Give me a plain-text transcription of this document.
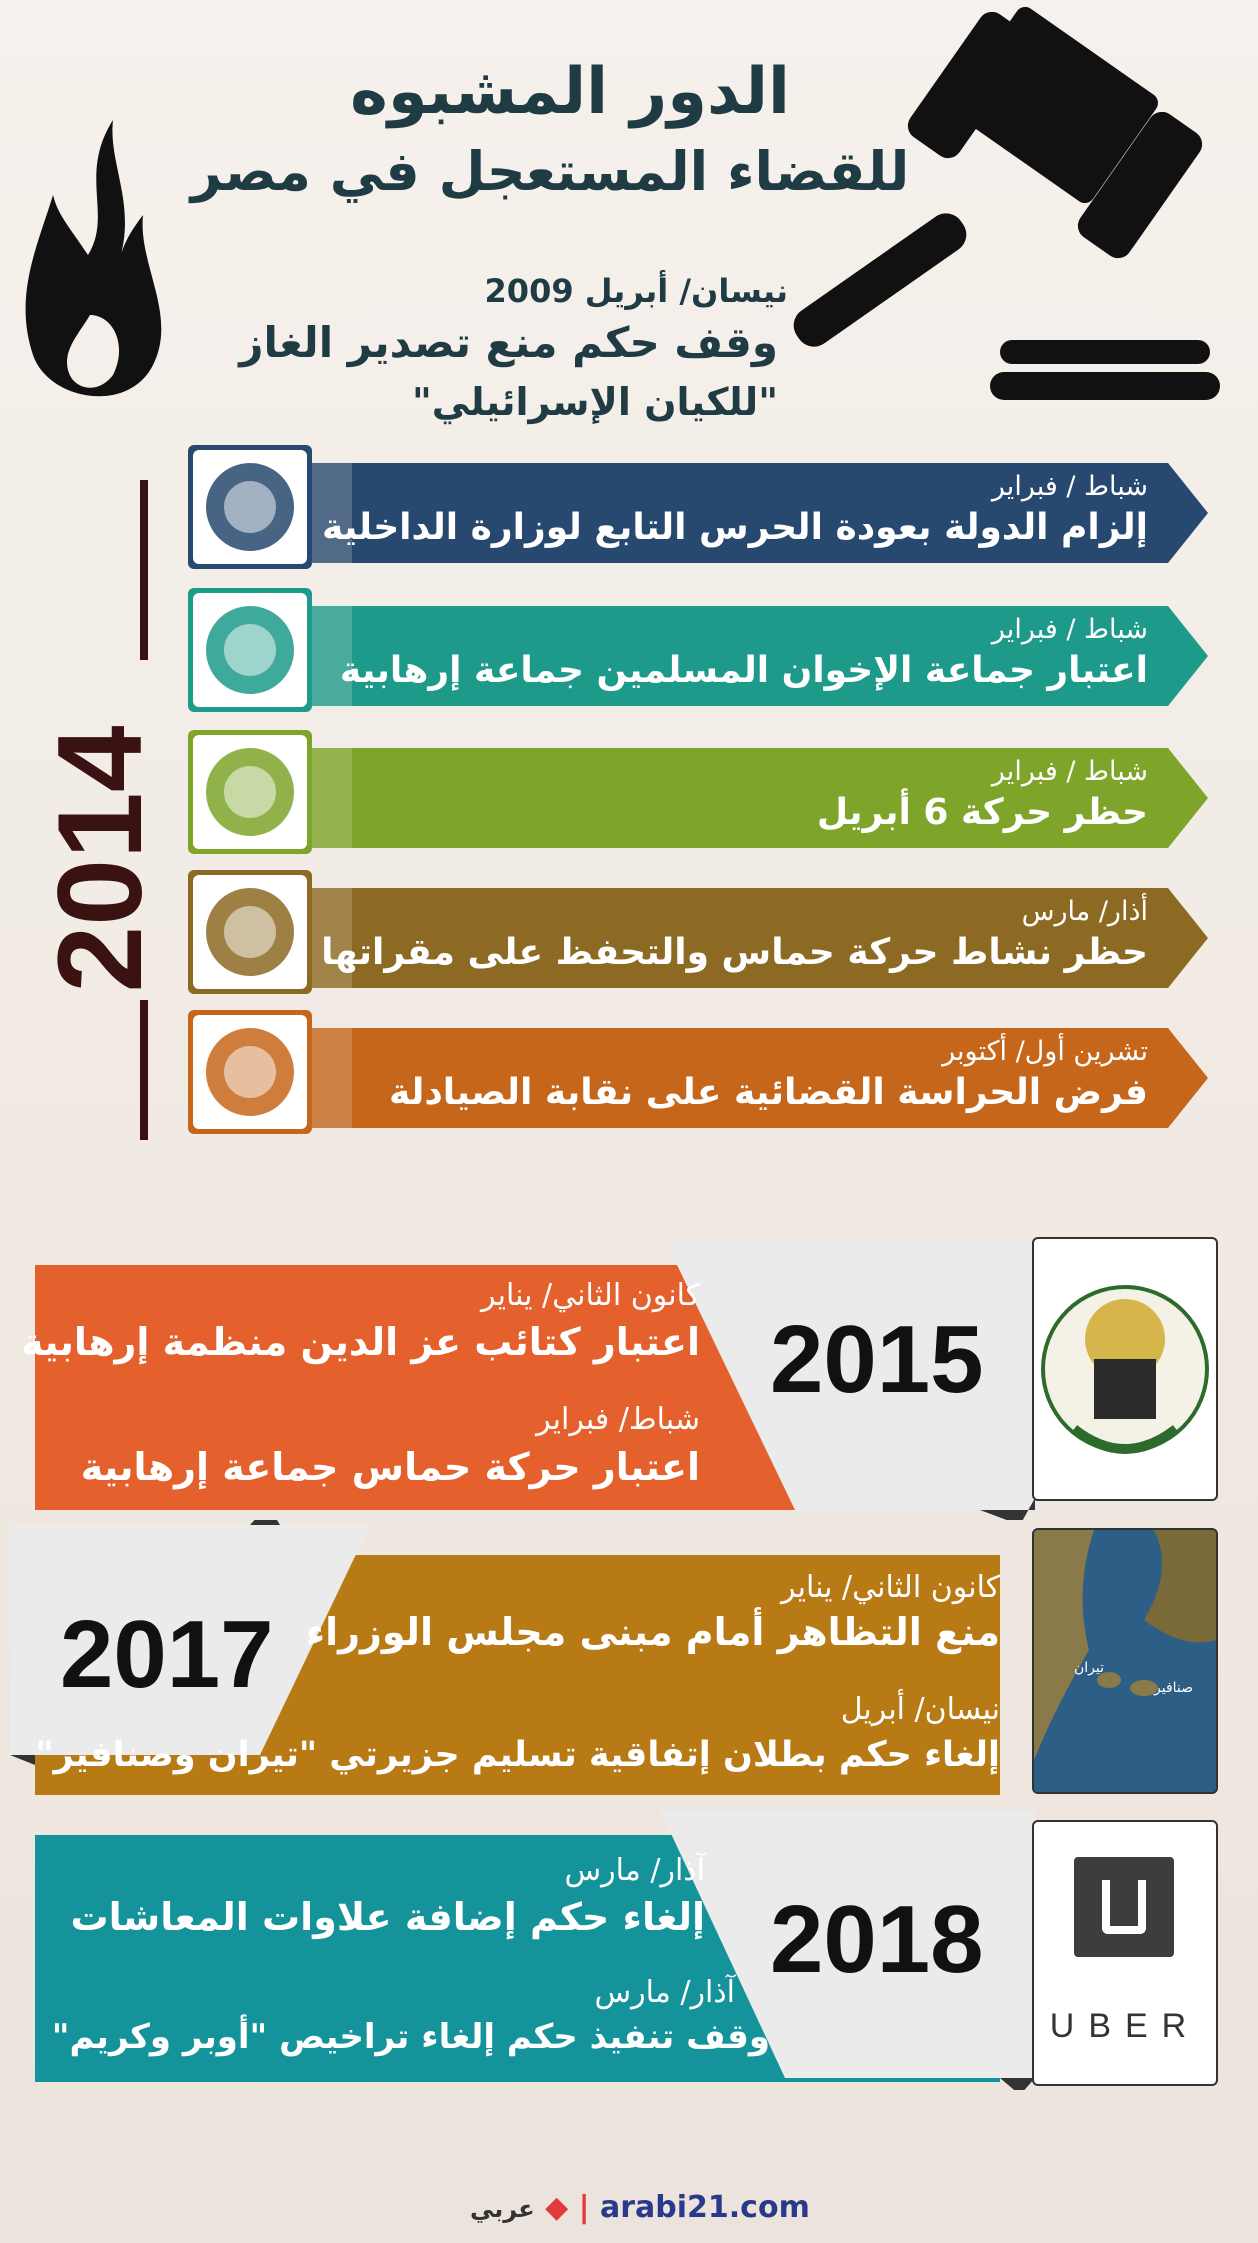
الدور المشبوه
للقضاء المستعجل في مصر
نيسان/ أبريل 2009
وقف حكم منع تصدير الغاز
"للكيان الإسرائيلي"
2014
شباط / فبراير
إلزام الدولة بعودة الحرس التابع لوزارة الداخلية
شباط / فبراير
اعتبار جماعة الإخوان المسلمين جماعة إرهابية
شباط / فبراير
حظر حركة 6 أبريل
أذار/ مارس
حظر نشاط حركة حماس والتحفظ على مقراتها
تشرين أول/ أكتوبر
فرض الحراسة القضائية على نقابة الصيادلة
2015
كانون الثاني/ يناير
اعتبار كتائب عز الدين منظمة إرهابية
شباط/ فبراير
اعتبار حركة حماس جماعة إرهابية
2017
كانون الثاني/ يناير
منع التظاهر أمام مبنى مجلس الوزراء
نيسان/ أبريل
إلغاء حكم بطلان إتفاقية تسليم جزيرتي "تيران وصنافير"
تيران
صنافير
2018
آذار/ مارس
إلغاء حكم إضافة علاوات المعاشات
آذار/ مارس
وقف تنفيذ حكم إلغاء تراخيص "أوبر وكريم"	UBER
عربي ◆ | arabi21.com
